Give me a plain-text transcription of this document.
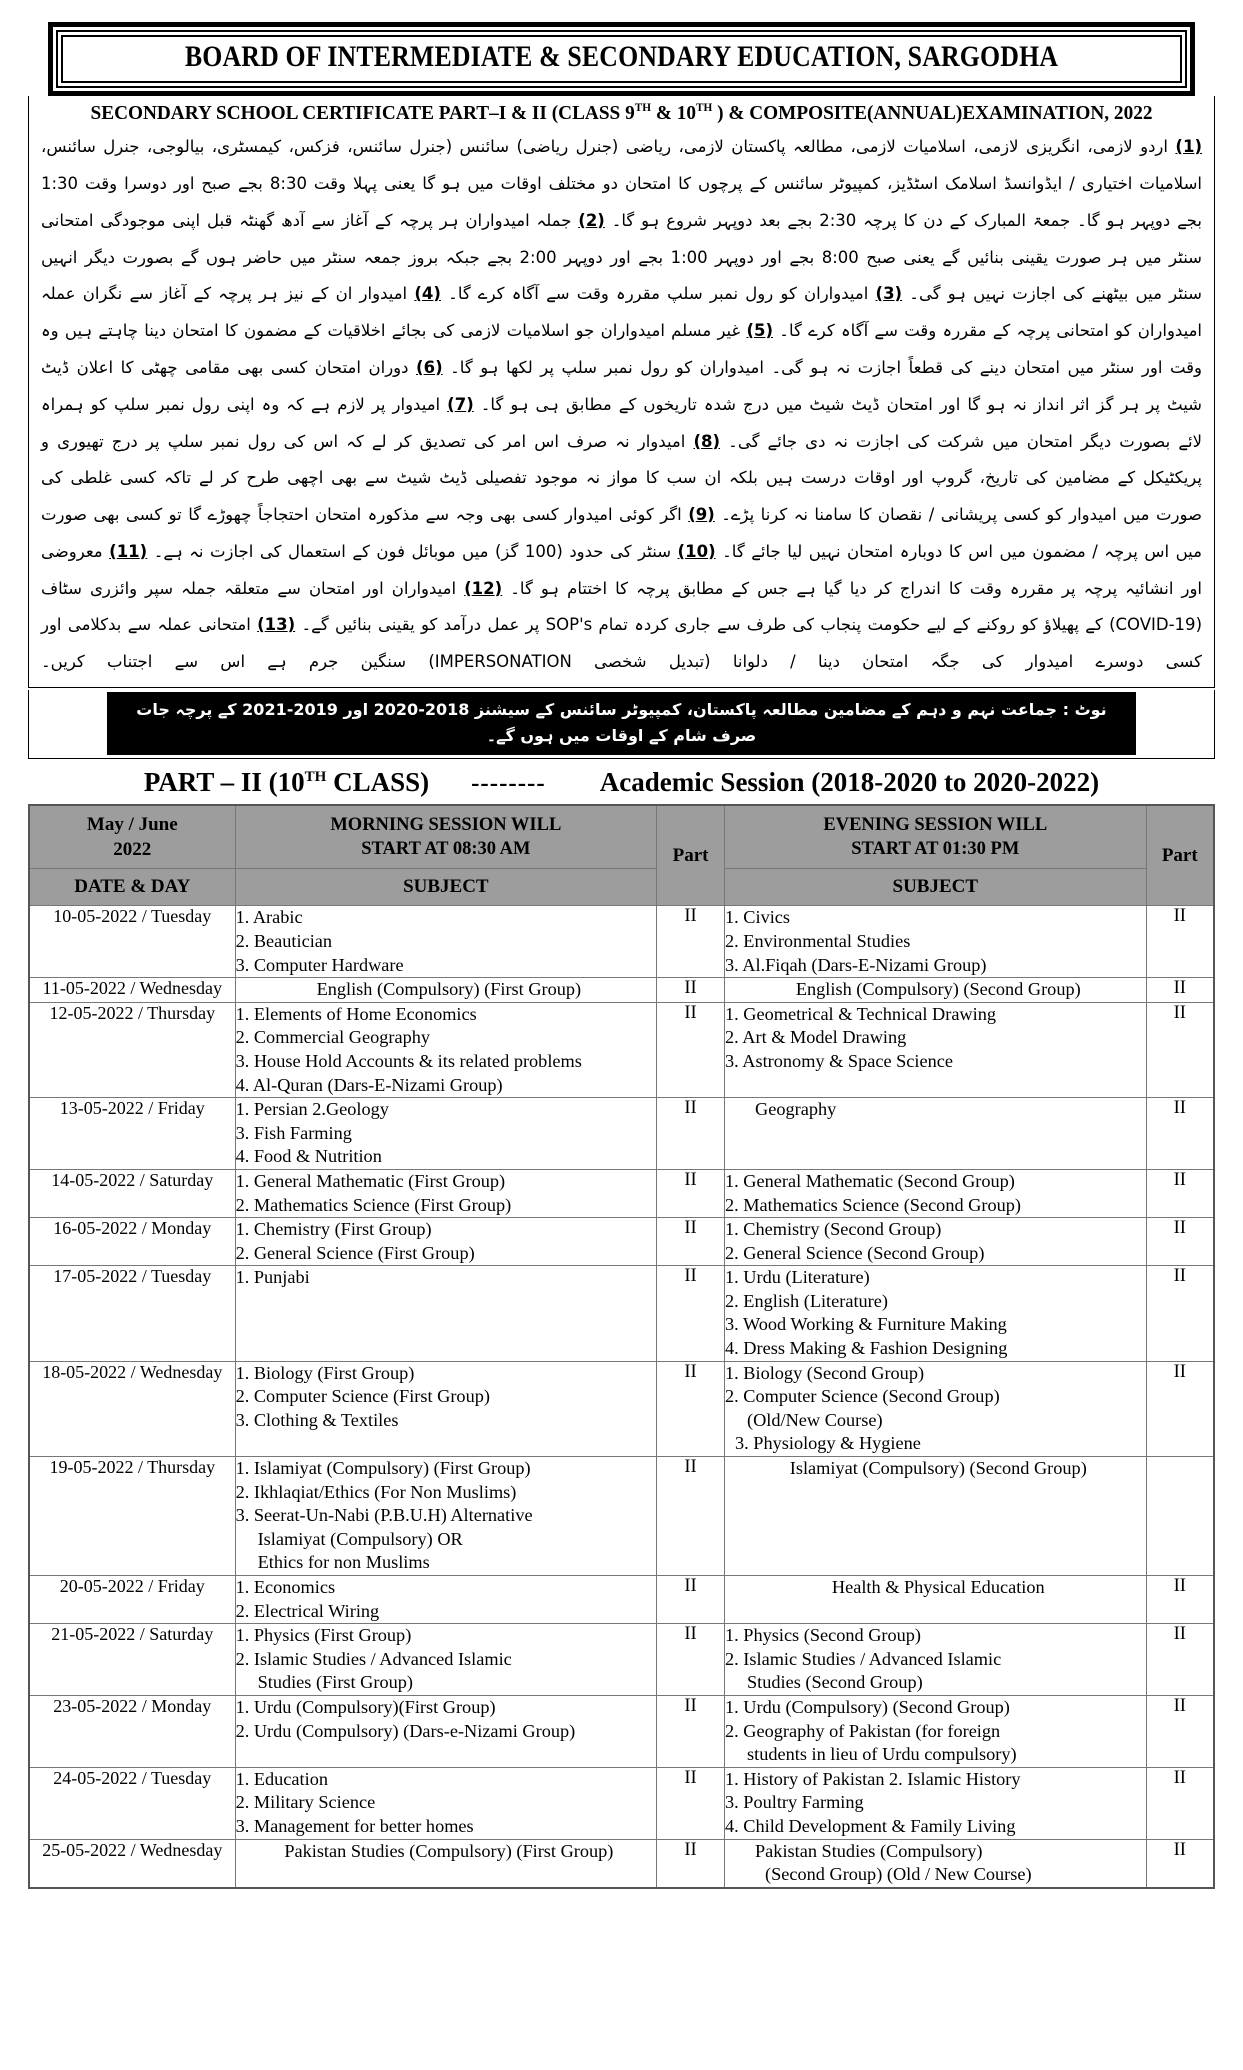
BOARD OF INTERMEDIATE & SECONDARY EDUCATION, SARGODHA
SECONDARY SCHOOL CERTIFICATE PART–I & II (CLASS 9TH & 10TH ) & COMPOSITE(ANNUAL)EXAMINATION, 2022

(1) اردو لازمی، انگریزی لازمی، اسلامیات لازمی، مطالعہ پاکستان لازمی، ریاضی (جنرل ریاضی) سائنس (جنرل سائنس، فزکس، کیمسٹری، بیالوجی، جنرل سائنس، اسلامیات اختیاری / ایڈوانسڈ اسلامک اسٹڈیز، کمپیوٹر سائنس کے پرچوں کا امتحان دو مختلف اوقات میں ہو گا یعنی پہلا وقت 8:30 بجے صبح اور دوسرا وقت 1:30 بجے دوپہر ہو گا۔ جمعۃ المبارک کے دن کا پرچہ 2:30 بجے بعد دوپہر شروع ہو گا۔ (2) جملہ امیدواران ہر پرچہ کے آغاز سے آدھ گھنٹہ قبل اپنی موجودگی امتحانی سنٹر میں ہر صورت یقینی بنائیں گے یعنی صبح 8:00 بجے اور دوپہر 1:00 بجے اور دوپہر 2:00 بجے جبکہ بروز جمعہ سنٹر میں حاضر ہوں گے بصورت دیگر انہیں سنٹر میں بیٹھنے کی اجازت نہیں ہو گی۔ (3) امیدواران کو رول نمبر سلپ مقررہ وقت سے آگاہ کرے گا۔ (4) امیدوار ان کے نیز ہر پرچہ کے آغاز سے نگران عملہ امیدواران کو امتحانی پرچہ کے مقررہ وقت سے آگاہ کرے گا۔ (5) غیر مسلم امیدواران جو اسلامیات لازمی کی بجائے اخلاقیات کے مضمون کا امتحان دینا چاہتے ہیں وہ وقت اور سنٹر میں امتحان دینے کی قطعاً اجازت نہ ہو گی۔ امیدواران کو رول نمبر سلپ پر لکھا ہو گا۔ (6) دوران امتحان کسی بھی مقامی چھٹی کا اعلان ڈیٹ شیٹ پر ہر گز اثر انداز نہ ہو گا اور امتحان ڈیٹ شیٹ میں درج شدہ تاریخوں کے مطابق ہی ہو گا۔ (7) امیدوار پر لازم ہے کہ وہ اپنی رول نمبر سلپ کو ہمراہ لائے بصورت دیگر امتحان میں شرکت کی اجازت نہ دی جائے گی۔ (8) امیدوار نہ صرف اس امر کی تصدیق کر لے کہ اس کی رول نمبر سلپ پر درج تھیوری و پریکٹیکل کے مضامین کی تاریخ، گروپ اور اوقات درست ہیں بلکہ ان سب کا مواز نہ موجود تفصیلی ڈیٹ شیٹ سے بھی اچھی طرح کر لے تاکہ کسی غلطی کی صورت میں امیدوار کو کسی پریشانی / نقصان کا سامنا نہ کرنا پڑے۔ (9) اگر کوئی امیدوار کسی بھی وجہ سے مذکورہ امتحان احتجاجاً چھوڑے گا تو کسی بھی صورت میں اس پرچہ / مضمون میں اس کا دوبارہ امتحان نہیں لیا جائے گا۔ (10) سنٹر کی حدود (100 گز) میں موبائل فون کے استعمال کی اجازت نہ ہے۔ (11) معروضی اور انشائیہ پرچہ پر مقررہ وقت کا اندراج کر دیا گیا ہے جس کے مطابق پرچہ کا اختتام ہو گا۔ (12) امیدواران اور امتحان سے متعلقہ جملہ سپر وائزری سٹاف (COVID-19) کے پھیلاؤ کو روکنے کے لیے حکومت پنجاب کی طرف سے جاری کردہ تمام SOP's پر عمل درآمد کو یقینی بنائیں گے۔ (13) امتحانی عملہ سے بدکلامی اور کسی دوسرے امیدوار کی جگہ امتحان دینا / دلوانا (تبدیل شخصی IMPERSONATION) سنگین جرم ہے اس سے اجتناب کریں۔

نوٹ : جماعت نہم و دہم کے مضامین مطالعہ پاکستان، کمپیوٹر سائنس کے سیشنز 2018-2020 اور 2019-2021 کے پرچہ جات صرف شام کے اوقات میں ہوں گے۔
PART – II (10TH CLASS)	--------	Academic Session (2018-2020 to 2020-2022)
May / June
2022	MORNING SESSION WILL
START AT 08:30 AM	Part	EVENING SESSION WILL
START AT 01:30 PM	Part
DATE & DAY	SUBJECT		SUBJECT	
10-05-2022 / Tuesday	1. Arabic
2. Beautician
3. Computer Hardware	II	1. Civics
2. Environmental Studies
3. Al.Fiqah (Dars-E-Nizami Group)	II
11-05-2022 / Wednesday	English (Compulsory) (First Group)	II	English (Compulsory) (Second Group)	II
12-05-2022 / Thursday	1. Elements of Home Economics
2. Commercial Geography
3. House Hold Accounts & its related problems
4. Al-Quran (Dars-E-Nizami Group)	II	1. Geometrical & Technical Drawing
2. Art & Model Drawing
3. Astronomy & Space Science	II
13-05-2022 / Friday	1. Persian 2.Geology
3. Fish Farming
4. Food & Nutrition	II	Geography	II
14-05-2022 / Saturday	1. General Mathematic (First Group)
2. Mathematics Science (First Group)	II	1. General Mathematic (Second Group)
2. Mathematics Science (Second Group)	II
16-05-2022 / Monday	1. Chemistry (First Group)
2. General Science (First Group)	II	1. Chemistry (Second Group)
2. General Science (Second Group)	II
17-05-2022 / Tuesday	1. Punjabi	II	1. Urdu (Literature)
2. English (Literature)
3. Wood Working & Furniture Making
4. Dress Making & Fashion Designing	II
18-05-2022 / Wednesday	1. Biology (First Group)
2. Computer Science (First Group)
3. Clothing & Textiles	II	1. Biology (Second Group)
2. Computer Science (Second Group)
(Old/New Course)
3. Physiology & Hygiene	II
19-05-2022 / Thursday	1. Islamiyat (Compulsory) (First Group)
2. Ikhlaqiat/Ethics (For Non Muslims)
3. Seerat-Un-Nabi (P.B.U.H) Alternative
Islamiyat (Compulsory) OR
Ethics for non Muslims	II	Islamiyat (Compulsory) (Second Group)	

20-05-2022 / Friday	1. Economics
2. Electrical Wiring	II	Health & Physical Education	II
21-05-2022 / Saturday	1. Physics (First Group)
2. Islamic Studies / Advanced Islamic
Studies (First Group)	II	1. Physics (Second Group)
2. Islamic Studies / Advanced Islamic
Studies (Second Group)	II
23-05-2022 / Monday	1. Urdu (Compulsory)(First Group)
2. Urdu (Compulsory) (Dars-e-Nizami Group)	II	1. Urdu (Compulsory) (Second Group)
2. Geography of Pakistan (for foreign
students in lieu of Urdu compulsory)	II
24-05-2022 / Tuesday	1. Education
2. Military Science
3. Management for better homes	II	1. History of Pakistan 2. Islamic History
3. Poultry Farming
4. Child Development & Family Living	II
25-05-2022 / Wednesday	Pakistan Studies (Compulsory) (First Group)	II	Pakistan Studies (Compulsory)
(Second Group) (Old / New Course)	II
